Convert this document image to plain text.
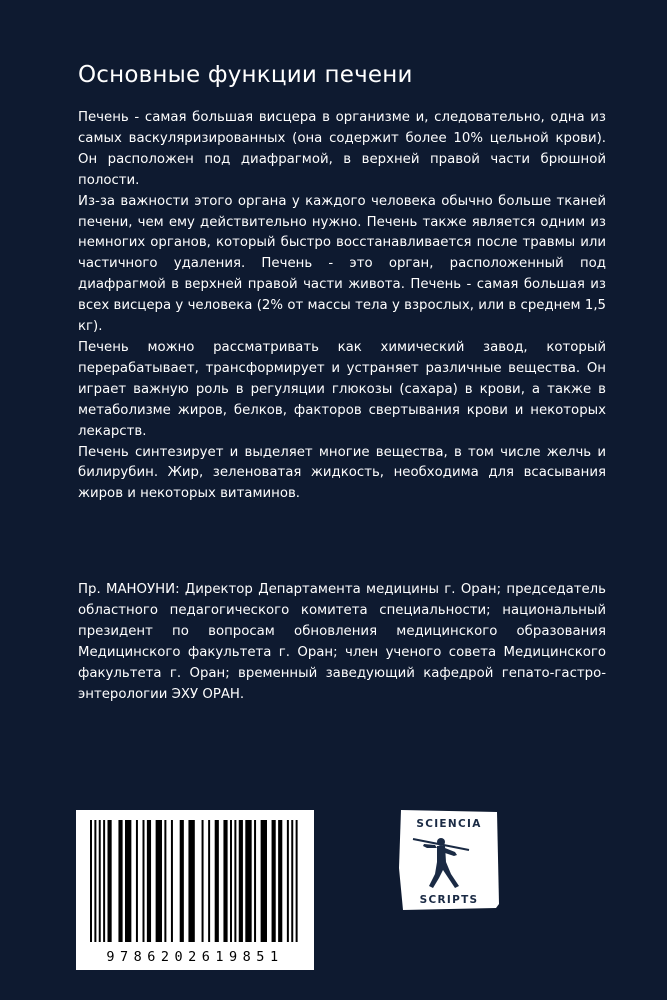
Основные функции печени

Печень - самая большая висцера в организме и, следовательно, одна из самых васкуляризированных (она содержит более 10% цельной крови). Он расположен под диафрагмой, в верхней правой части брюшной полости.

Из-за важности этого органа у каждого человека обычно больше тканей печени, чем ему действительно нужно. Печень также является одним из немногих органов, который быстро восстанавливается после травмы или частичного удаления. Печень - это орган, расположенный под диафрагмой в верхней правой части живота. Печень - самая большая из всех висцера у человека (2% от массы тела у взрослых, или в среднем 1,5 кг).

Печень можно рассматривать как химический завод, который перерабатывает, трансформирует и устраняет различные вещества. Он играет важную роль в регуляции глюкозы (сахара) в крови, а также в метаболизме жиров, белков, факторов свертывания крови и некоторых лекарств.

Печень синтезирует и выделяет многие вещества, в том числе желчь и билирубин. Жир, зеленоватая жидкость, необходима для всасывания жиров и некоторых витаминов.

Пр. МАНОУНИ: Директор Департамента медицины г. Оран; председатель областного педагогического комитета специальности; национальный президент по вопросам обновления медицинского образования Медицинского факультета г. Оран; член ученого совета Медицинского факультета г. Оран; временный заведующий кафедрой гепато-гастро-энтерологии ЭХУ ОРАН.
9786202619851
SCIENCIA
SCRIPTS
